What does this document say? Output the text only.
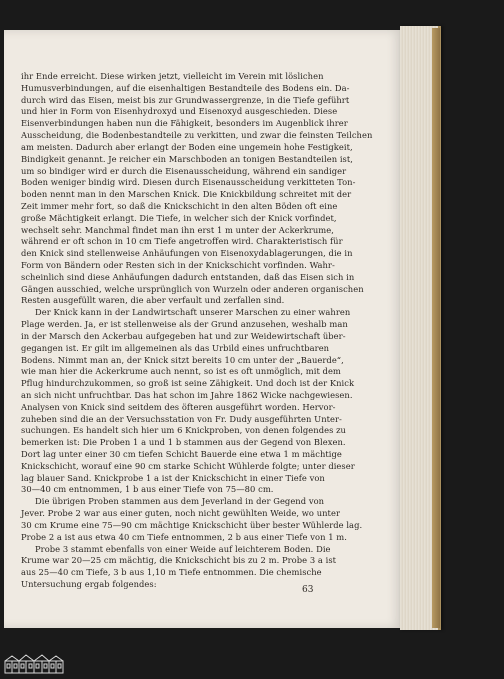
ihr Ende erreicht. Diese wirken jetzt, vielleicht im Verein mit löslichen
Humusverbindungen, auf die eisenhaltigen Bestandteile des Bodens ein. Da-
durch wird das Eisen, meist bis zur Grundwassergrenze, in die Tiefe geführt
und hier in Form von Eisenhydroxyd und Eisenoxyd ausgeschieden. Diese
Eisenverbindungen haben nun die Fähigkeit, besonders im Augenblick ihrer
Ausscheidung, die Bodenbestandteile zu verkitten, und zwar die feinsten Teilchen
am meisten. Dadurch aber erlangt der Boden eine ungemein hohe Festigkeit,
Bindigkeit genannt. Je reicher ein Marschboden an tonigen Bestandteilen ist,
um so bindiger wird er durch die Eisenausscheidung, während ein sandiger
Boden weniger bindig wird. Diesen durch Eisenausscheidung verkitteten Ton-
boden nennt man in den Marschen Knick. Die Knickbildung schreitet mit der
Zeit immer mehr fort, so daß die Knickschicht in den alten Böden oft eine
große Mächtigkeit erlangt. Die Tiefe, in welcher sich der Knick vorfindet,
wechselt sehr. Manchmal findet man ihn erst 1 m unter der Ackerkrume,
während er oft schon in 10 cm Tiefe angetroffen wird. Charakteristisch für
den Knick sind stellenweise Anhäufungen von Eisenoxydablagerungen, die in
Form von Bändern oder Resten sich in der Knickschicht vorfinden. Wahr-
scheinlich sind diese Anhäufungen dadurch entstanden, daß das Eisen sich in
Gängen ausschied, welche ursprünglich von Wurzeln oder anderen organischen
Resten ausgefüllt waren, die aber verfault und zerfallen sind.
Der Knick kann in der Landwirtschaft unserer Marschen zu einer wahren
Plage werden. Ja, er ist stellenweise als der Grund anzusehen, weshalb man
in der Marsch den Ackerbau aufgegeben hat und zur Weidewirtschaft über-
gegangen ist. Er gilt im allgemeinen als das Urbild eines unfruchtbaren
Bodens. Nimmt man an, der Knick sitzt bereits 10 cm unter der „Bauerde“,
wie man hier die Ackerkrume auch nennt, so ist es oft unmöglich, mit dem
Pflug hindurchzukommen, so groß ist seine Zähigkeit. Und doch ist der Knick
an sich nicht unfruchtbar. Das hat schon im Jahre 1862 Wicke nachgewiesen.
Analysen von Knick sind seitdem des öfteren ausgeführt worden. Hervor-
zuheben sind die an der Versuchsstation von Fr. Dudy ausgeführten Unter-
suchungen. Es handelt sich hier um 6 Knickproben, von denen folgendes zu
bemerken ist: Die Proben 1 a und 1 b stammen aus der Gegend von Blexen.
Dort lag unter einer 30 cm tiefen Schicht Bauerde eine etwa 1 m mächtige
Knickschicht, worauf eine 90 cm starke Schicht Wühlerde folgte; unter dieser
lag blauer Sand. Knickprobe 1 a ist der Knickschicht in einer Tiefe von
30—40 cm entnommen, 1 b aus einer Tiefe von 75—80 cm.
Die übrigen Proben stammen aus dem Jeverland in der Gegend von
Jever. Probe 2 war aus einer guten, noch nicht gewühlten Weide, wo unter
30 cm Krume eine 75—90 cm mächtige Knickschicht über bester Wühlerde lag.
Probe 2 a ist aus etwa 40 cm Tiefe entnommen, 2 b aus einer Tiefe von 1 m.
Probe 3 stammt ebenfalls von einer Weide auf leichterem Boden. Die
Krume war 20—25 cm mächtig, die Knickschicht bis zu 2 m. Probe 3 a ist
aus 25—40 cm Tiefe, 3 b aus 1,10 m Tiefe entnommen. Die chemische
Untersuchung ergab folgendes:
63
